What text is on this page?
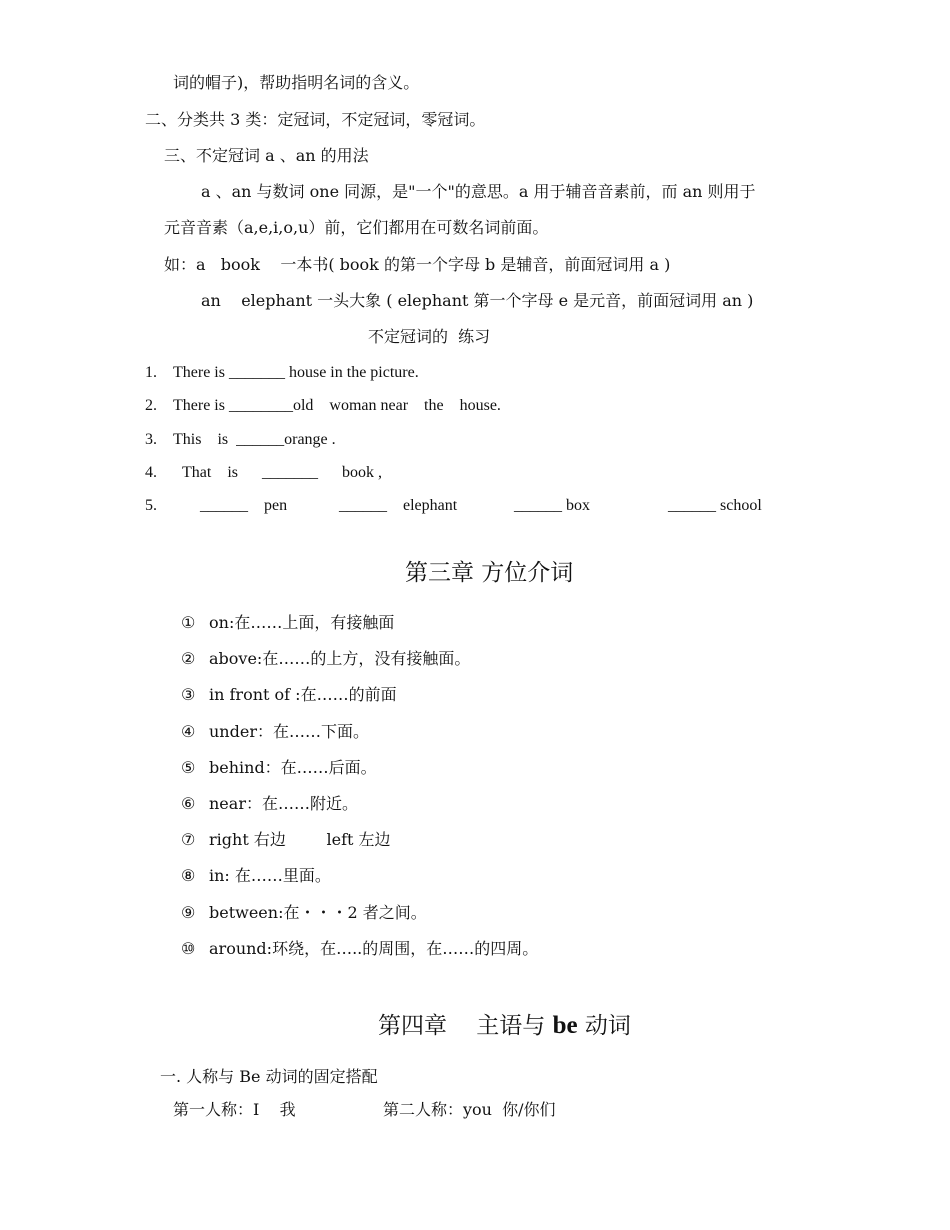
词的帽子)，帮助指明名词的含义。
二、分类共 3 类：定冠词，不定冠词，零冠词。
三、不定冠词 a 、an 的用法
a 、an 与数词 one 同源，是"一个"的意思。a 用于辅音音素前，而 an 则用于
元音音素（a,e,i,o,u）前，它们都用在可数名词前面。
如：a   book    一本书( book 的第一个字母 b 是辅音，前面冠词用 a )
an    elephant 一头大象 ( elephant 第一个字母 e 是元音，前面冠词用 an )
不定冠词的  练习
1. There is _______ house in the picture.
2. There is ________old    woman near    the    house.
3. This    is  ______orange .
4. That    is      _______      book ,
5.	______    pen	______    elephant	______ box	______ school
第三章 方位介词
① on:在……上面，有接触面
② above:在……的上方，没有接触面。
③ in front of :在……的前面
④ under：在……下面。
⑤ behind：在……后面。
⑥ near：在……附近。
⑦ right 右边        left 左边
⑧ in: 在……里面。
⑨ between:在・・・2 者之间。
⑩ around:环绕，在…..的周围，在……的四周。
第四章    主语与 be 动词
一. 人称与 Be 动词的固定搭配
第一人称：I    我	第二人称：you  你/你们
